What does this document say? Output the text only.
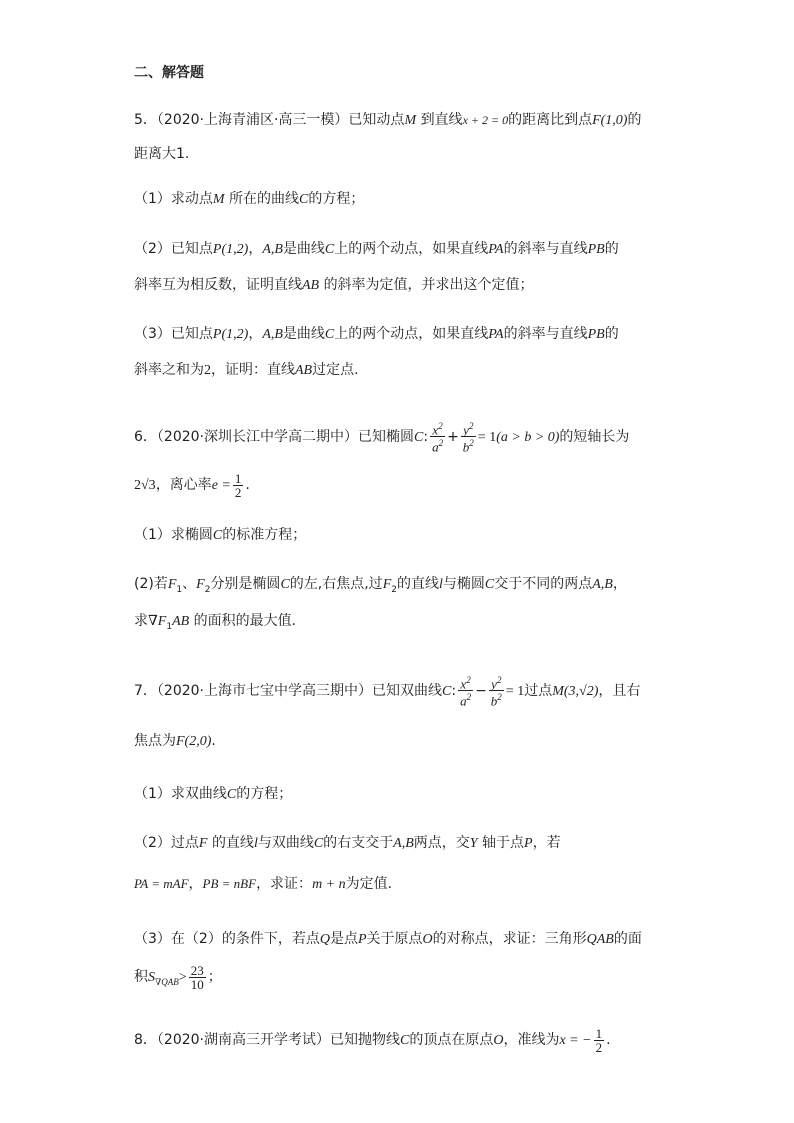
二、解答题
5．（2020·上海青浦区·高三一模）已知动点M 到直线x + 2 = 0的距离比到点F(1,0)的
距离大1.
（1）求动点M 所在的曲线C的方程；
（2）已知点P(1,2)，A,B是曲线C上的两个动点，如果直线PA的斜率与直线PB的
斜率互为相反数，证明直线AB 的斜率为定值，并求出这个定值；
（3）已知点P(1,2)，A,B是曲线C上的两个动点，如果直线PA的斜率与直线PB的
斜率之和为2，证明：直线AB过定点.
6．（2020·深圳长江中学高二期中）已知椭圆C: $\frac{x^2}{a^2} + \frac{y^2}{b^2} = 1(a > b > 0)$的短轴长为
2√3，离心率$e = \frac{1}{2}$ .
（1）求椭圆C的标准方程；
(2)若$F_1$、$F_2$分别是椭圆C的左,右焦点,过$F_2$的直线l与椭圆C交于不同的两点A,B，
求$\nabla F_1AB$ 的面积的最大值.
7．（2020·上海市七宝中学高三期中）已知双曲线C: $\frac{x^2}{a^2} - \frac{y^2}{b^2} = 1$过点M(3,√2)，且右
焦点为F(2,0).
（1）求双曲线C的方程；
（2）过点F 的直线l与双曲线C的右支交于A,B两点，交Y 轴于点P，若
PA = mAF，PB = nBF，求证：m + n为定值.
（3）在（2）的条件下，若点Q是点P关于原点O的对称点，求证：三角形QAB的面
积$S_{\nabla QAB}> \frac{23}{10}$ ；
8．（2020·湖南高三开学考试）已知抛物线C的顶点在原点O，准线为x = − $\frac{1}{2}$ .
